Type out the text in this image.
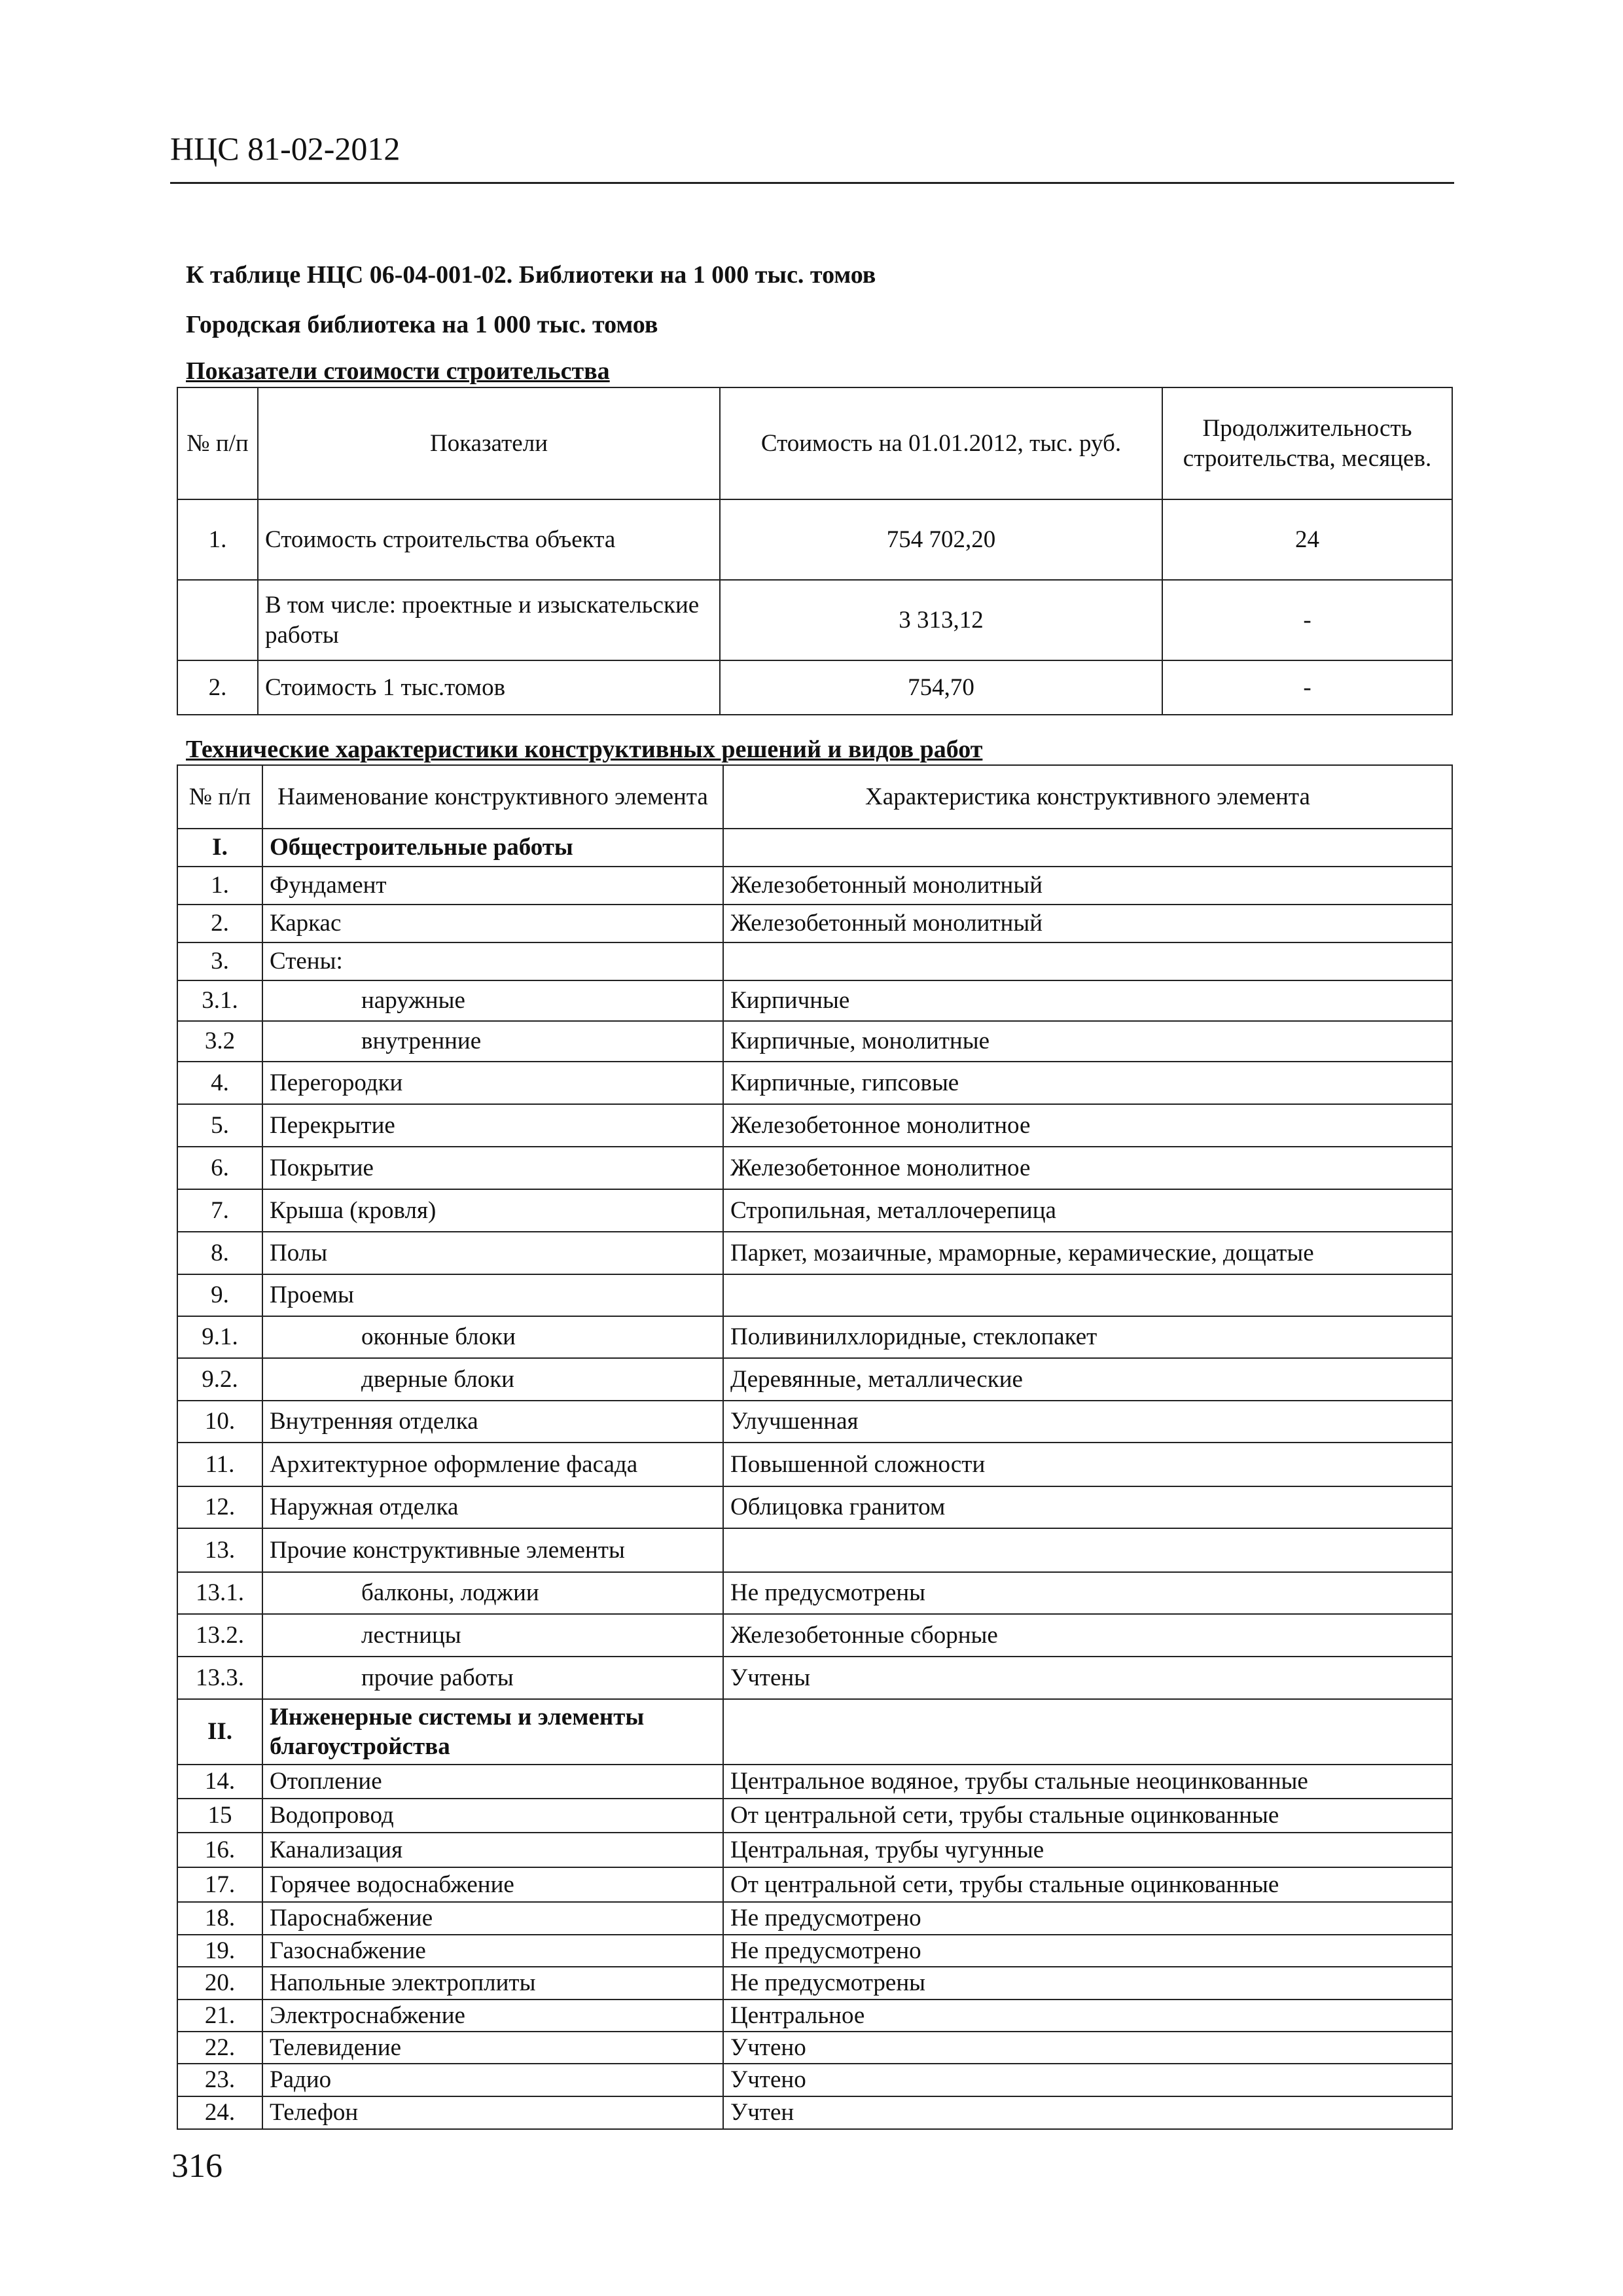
НЦС 81-02-2012
К таблице НЦС 06-04-001-02. Библиотеки на 1 000 тыс. томов
Городская библиотека на 1 000 тыс. томов
Показатели стоимости строительства
№ п/п	Показатели	Стоимость на 01.01.2012, тыс. руб.	Продолжительность строительства, месяцев.
1.	Стоимость строительства объекта	754 702,20	24
	В том числе: проектные и изыскательские работы	3 313,12	-
2.	Стоимость 1 тыс.томов	754,70	-
Технические характеристики конструктивных решений и видов работ
№ п/п	Наименование конструктивного элемента	Характеристика конструктивного элемента
I.	Общестроительные работы	
1.	Фундамент	Железобетонный монолитный
2.	Каркас	Железобетонный монолитный
3.	Стены:	
3.1.	наружные	Кирпичные
3.2	внутренние	Кирпичные, монолитные
4.	Перегородки	Кирпичные, гипсовые
5.	Перекрытие	Железобетонное монолитное
6.	Покрытие	Железобетонное монолитное
7.	Крыша (кровля)	Стропильная, металлочерепица
8.	Полы	Паркет, мозаичные, мраморные, керамические, дощатые
9.	Проемы	
9.1.	оконные блоки	Поливинилхлоридные, стеклопакет
9.2.	дверные блоки	Деревянные, металлические
10.	Внутренняя отделка	Улучшенная
11.	Архитектурное оформление фасада	Повышенной сложности
12.	Наружная отделка	Облицовка гранитом
13.	Прочие конструктивные элементы	
13.1.	балконы, лоджии	Не предусмотрены
13.2.	лестницы	Железобетонные сборные
13.3.	прочие работы	Учтены
II.	Инженерные системы и элементы благоустройства	
14.	Отопление	Центральное водяное, трубы стальные неоцинкованные
15	Водопровод	От центральной сети, трубы стальные оцинкованные
16.	Канализация	Центральная, трубы чугунные
17.	Горячее водоснабжение	От центральной сети, трубы стальные оцинкованные
18.	Пароснабжение	Не предусмотрено
19.	Газоснабжение	Не предусмотрено
20.	Напольные электроплиты	Не предусмотрены
21.	Электроснабжение	Центральное
22.	Телевидение	Учтено
23.	Радио	Учтено
24.	Телефон	Учтен
316
